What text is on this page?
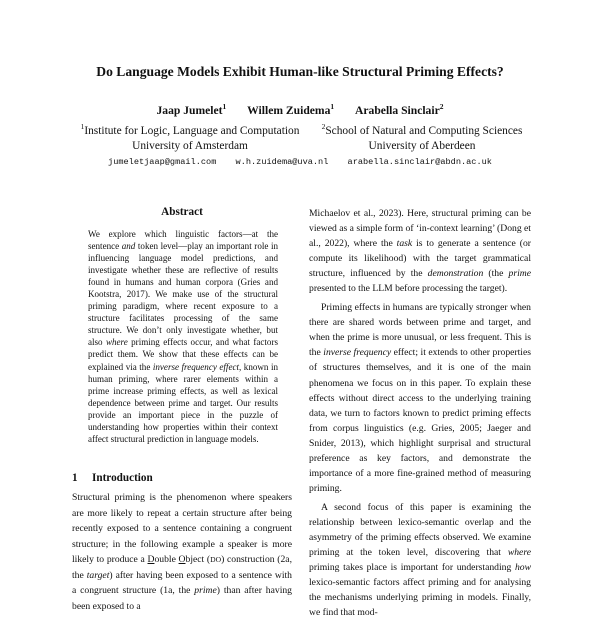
Do Language Models Exhibit Human-like Structural Priming Effects?
Jaap Jumelet$^1$ Willem Zuidema$^1$ Arabella Sinclair$^2$
$^1$Institute for Logic, Language and Computation
University of Amsterdam
$^2$School of Natural and Computing Sciences
University of Aberdeen
jumeletjaap@gmail.com w.h.zuidema@uva.nl arabella.sinclair@abdn.ac.uk
Abstract

We explore which linguistic factors—at the sentence and token level—play an important role in influencing language model predictions, and investigate whether these are reflective of results found in humans and human corpora (Gries and Kootstra, 2017). We make use of the structural priming paradigm, where recent exposure to a structure facilitates processing of the same structure. We don’t only investigate whether, but also where priming effects occur, and what factors predict them. We show that these effects can be explained via the inverse frequency effect, known in human priming, where rarer elements within a prime increase priming effects, as well as lexical dependence between prime and target. Our results provide an important piece in the puzzle of understanding how properties within their context affect structural prediction in language models.

1 Introduction

Structural priming is the phenomenon where speakers are more likely to repeat a certain structure after being recently exposed to a sentence containing a congruent structure; in the following example a speaker is more likely to produce a Double Object (DO) construction (2a, the target) after having been exposed to a sentence with a congruent structure (1a, the prime) than after having been exposed to a

Michaelov et al., 2023). Here, structural priming can be viewed as a simple form of ‘in-context learning’ (Dong et al., 2022), where the task is to generate a sentence (or compute its likelihood) with the target grammatical structure, influenced by the demonstration (the prime presented to the LLM before processing the target).

Priming effects in humans are typically stronger when there are shared words between prime and target, and when the prime is more unusual, or less frequent. This is the inverse frequency effect; it extends to other properties of structures themselves, and it is one of the main phenomena we focus on in this paper. To explain these effects without direct access to the underlying training data, we turn to factors known to predict priming effects from corpus linguistics (e.g. Gries, 2005; Jaeger and Snider, 2013), which highlight surprisal and structural preference as key factors, and demonstrate the importance of a more fine-grained method of measuring priming.

A second focus of this paper is examining the relationship between lexico-semantic overlap and the asymmetry of the priming effects observed. We examine priming at the token level, discovering that where priming takes place is important for understanding how lexico-semantic factors affect priming and for analysing the mechanisms underlying priming in models. Finally, we find that mod-
